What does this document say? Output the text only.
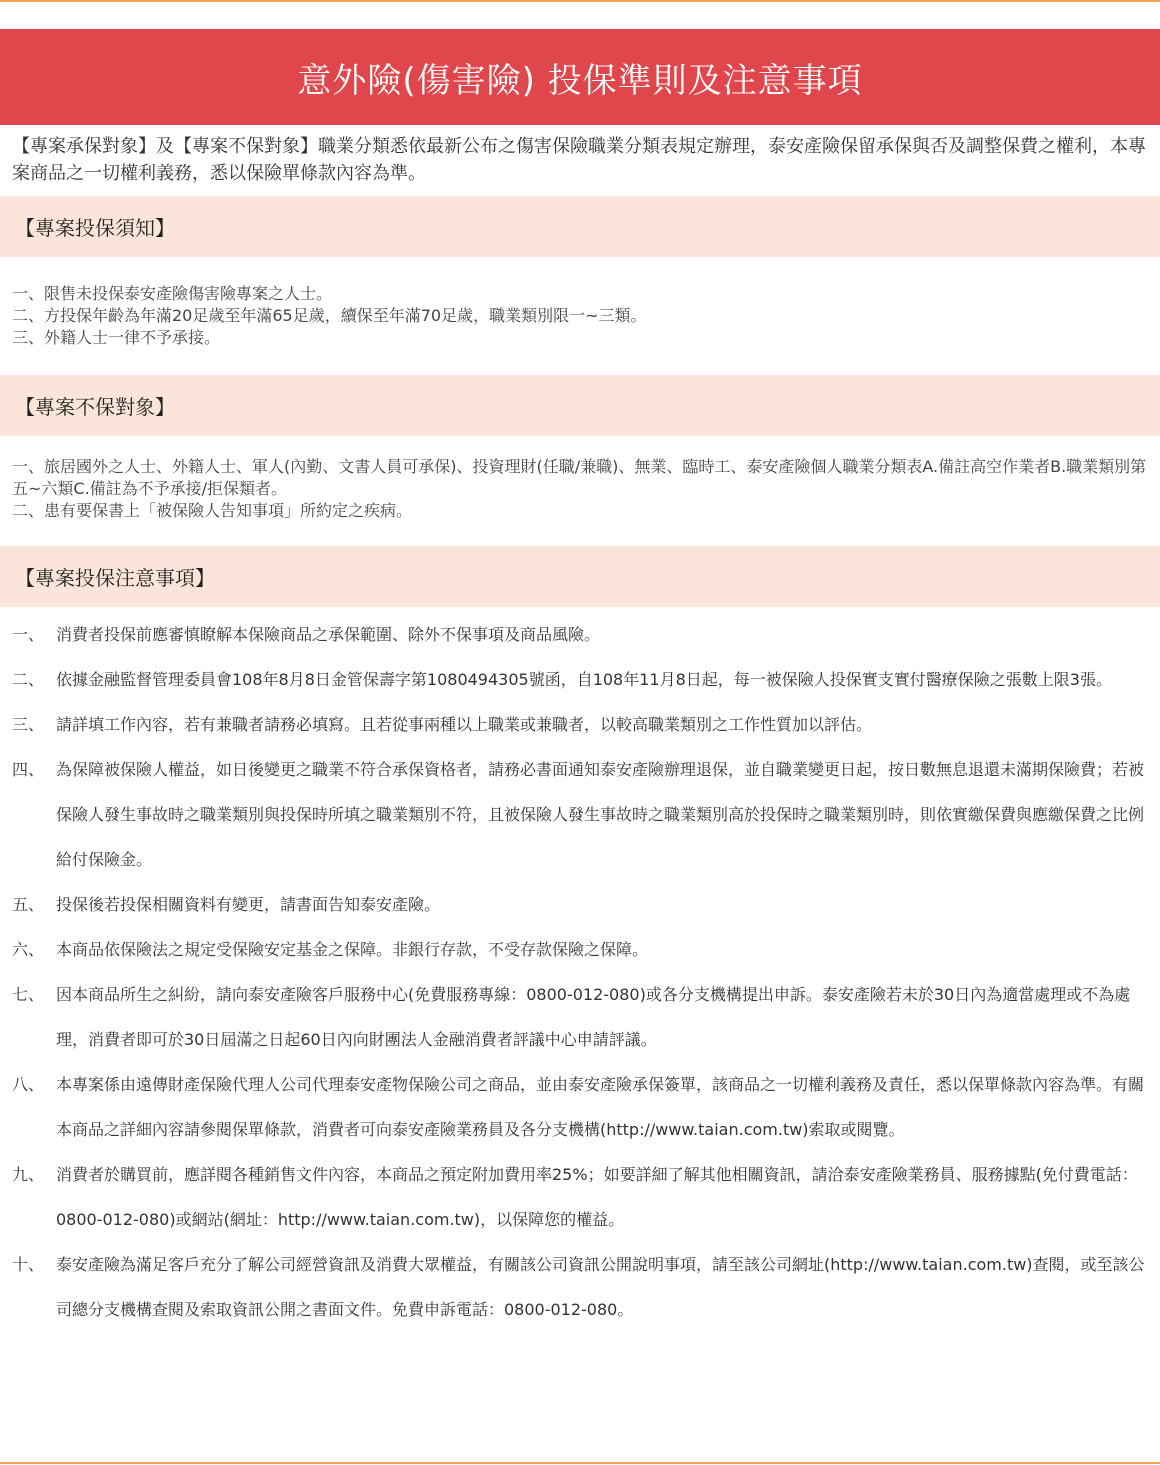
意外險(傷害險) 投保準則及注意事項

【專案承保對象】及【專案不保對象】職業分類悉依最新公布之傷害保險職業分類表規定辦理，泰安產險保留承保與否及調整保費之權利，本專案商品之一切權利義務，悉以保險單條款內容為準。

【專案投保須知】
一、限售未投保泰安產險傷害險專案之人士。
二、方投保年齡為年滿20足歲至年滿65足歲，續保至年滿70足歲，職業類別限一~三類。
三、外籍人士一律不予承接。
【專案不保對象】
一、旅居國外之人士、外籍人士、軍人(內勤、文書人員可承保)、投資理財(任職/兼職)、無業、臨時工、泰安產險個人職業分類表A.備註高空作業者B.職業類別第五~六類C.備註為不予承接/拒保類者。
二、患有要保書上「被保險人告知事項」所約定之疾病。
【專案投保注意事項】
一、 消費者投保前應審慎瞭解本保險商品之承保範圍、除外不保事項及商品風險。
二、 依據金融監督管理委員會108年8月8日金管保壽字第1080494305號函，自108年11月8日起，每一被保險人投保實支實付醫療保險之張數上限3張。
三、 請詳填工作內容，若有兼職者請務必填寫。且若從事兩種以上職業或兼職者，以較高職業類別之工作性質加以評估。
四、 為保障被保險人權益，如日後變更之職業不符合承保資格者，請務必書面通知泰安產險辦理退保，並自職業變更日起，按日數無息退還未滿期保險費；若被保險人發生事故時之職業類別與投保時所填之職業類別不符，且被保險人發生事故時之職業類別高於投保時之職業類別時，則依實繳保費與應繳保費之比例給付保險金。
五、 投保後若投保相關資料有變更，請書面告知泰安產險。
六、 本商品依保險法之規定受保險安定基金之保障。非銀行存款，不受存款保險之保障。
七、 因本商品所生之糾紛，請向泰安產險客戶服務中心(免費服務專線：0800-012-080)或各分支機構提出申訴。泰安產險若未於30日內為適當處理或不為處理，消費者即可於30日屆滿之日起60日內向財團法人金融消費者評議中心申請評議。
八、 本專案係由遠傳財產保險代理人公司代理泰安產物保險公司之商品，並由泰安產險承保簽單，該商品之一切權利義務及責任，悉以保單條款內容為準。有關本商品之詳細內容請參閱保單條款，消費者可向泰安產險業務員及各分支機構(http://www.taian.com.tw)索取或閱覽。
九、 消費者於購買前，應詳閱各種銷售文件內容，本商品之預定附加費用率25%；如要詳細了解其他相關資訊，請洽泰安產險業務員、服務據點(免付費電話：0800-012-080)或網站(網址：http://www.taian.com.tw)，以保障您的權益。
十、 泰安產險為滿足客戶充分了解公司經營資訊及消費大眾權益，有關該公司資訊公開說明事項，請至該公司網址(http://www.taian.com.tw)查閱，或至該公司總分支機構查閱及索取資訊公開之書面文件。免費申訴電話：0800-012-080。
